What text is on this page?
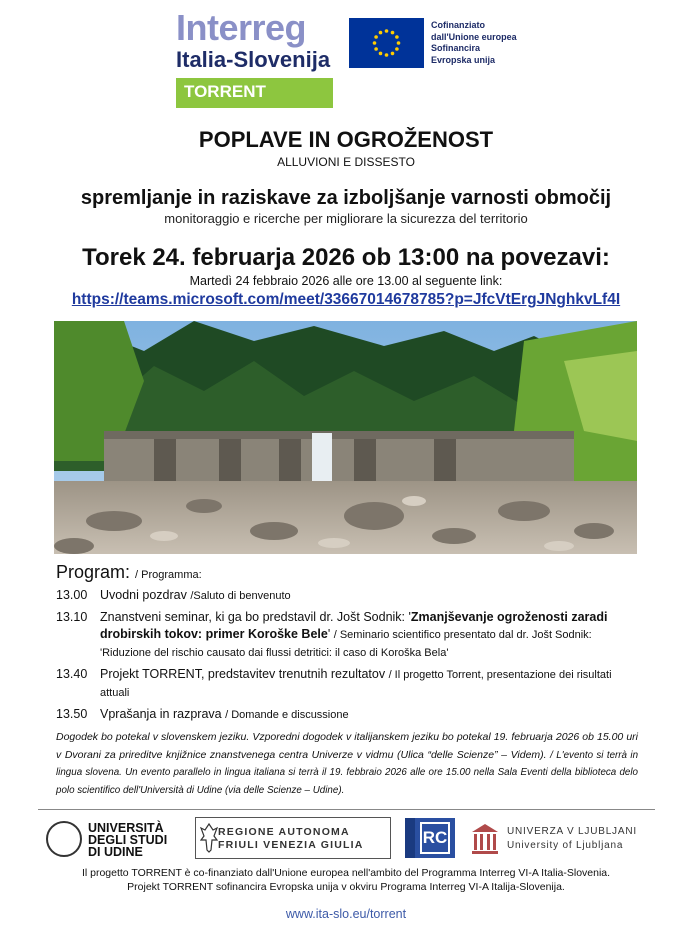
Interreg
Italia-Slovenija
TORRENT
Cofinanziato
dall'Unione europea
Sofinancira
Evropska unija
POPLAVE IN OGROŽENOST
ALLUVIONI E DISSESTO
spremljanje in raziskave za izboljšanje varnosti območij
monitoraggio e ricerche per migliorare la sicurezza del territorio
Torek 24. februarja 2026 ob 13:00 na povezavi:
Martedì 24 febbraio 2026 alle ore 13.00 al seguente link:
https://teams.microsoft.com/meet/33667014678785?p=JfcVtErgJNghkvLf4I
Program: / Programma:
13.00 Uvodni pozdrav /Saluto di benvenuto
13.10 Znanstveni seminar, ki ga bo predstavil dr. Jošt Sodnik: 'Zmanjševanje ogroženosti zaradi drobirskih tokov: primer Koroške Bele' / Seminario scientifico presentato dal dr. Jošt Sodnik: 'Riduzione del rischio causato dai flussi detritici: il caso di Koroška Bela'
13.40 Projekt TORRENT, predstavitev trenutnih rezultatov / Il progetto Torrent, presentazione dei risultati attuali
13.50 Vprašanja in razprava / Domande e discussione
Dogodek bo potekal v slovenskem jeziku. Vzporedni dogodek v italijanskem jeziku bo potekal 19. februarja 2026 ob 15.00 uri v Dvorani za prireditve knjižnice znanstvenega centra Univerze v vidmu (Ulica “delle Scienze” – Videm). / L'evento si terrà in lingua slovena. Un evento parallelo in lingua italiana si terrà il 19. febbraio 2026 alle ore 15.00 nella Sala Eventi della biblioteca delo polo scientifico dell'Università di Udine (via delle Scienze – Udine).
UNIVERSITÀ
DEGLI STUDI
DI UDINE
REGIONE AUTONOMA
FRIULI VENEZIA GIULIA	KOPER RC	UNIVERZA V LJUBLJANI
University of Ljubljana
Il progetto TORRENT è co-finanziato dall'Unione europea nell'ambito del Programma Interreg VI-A Italia-Slovenia.
Projekt TORRENT sofinancira Evropska unija v okviru Programa Interreg VI-A Italija-Slovenija.
www.ita-slo.eu/torrent
